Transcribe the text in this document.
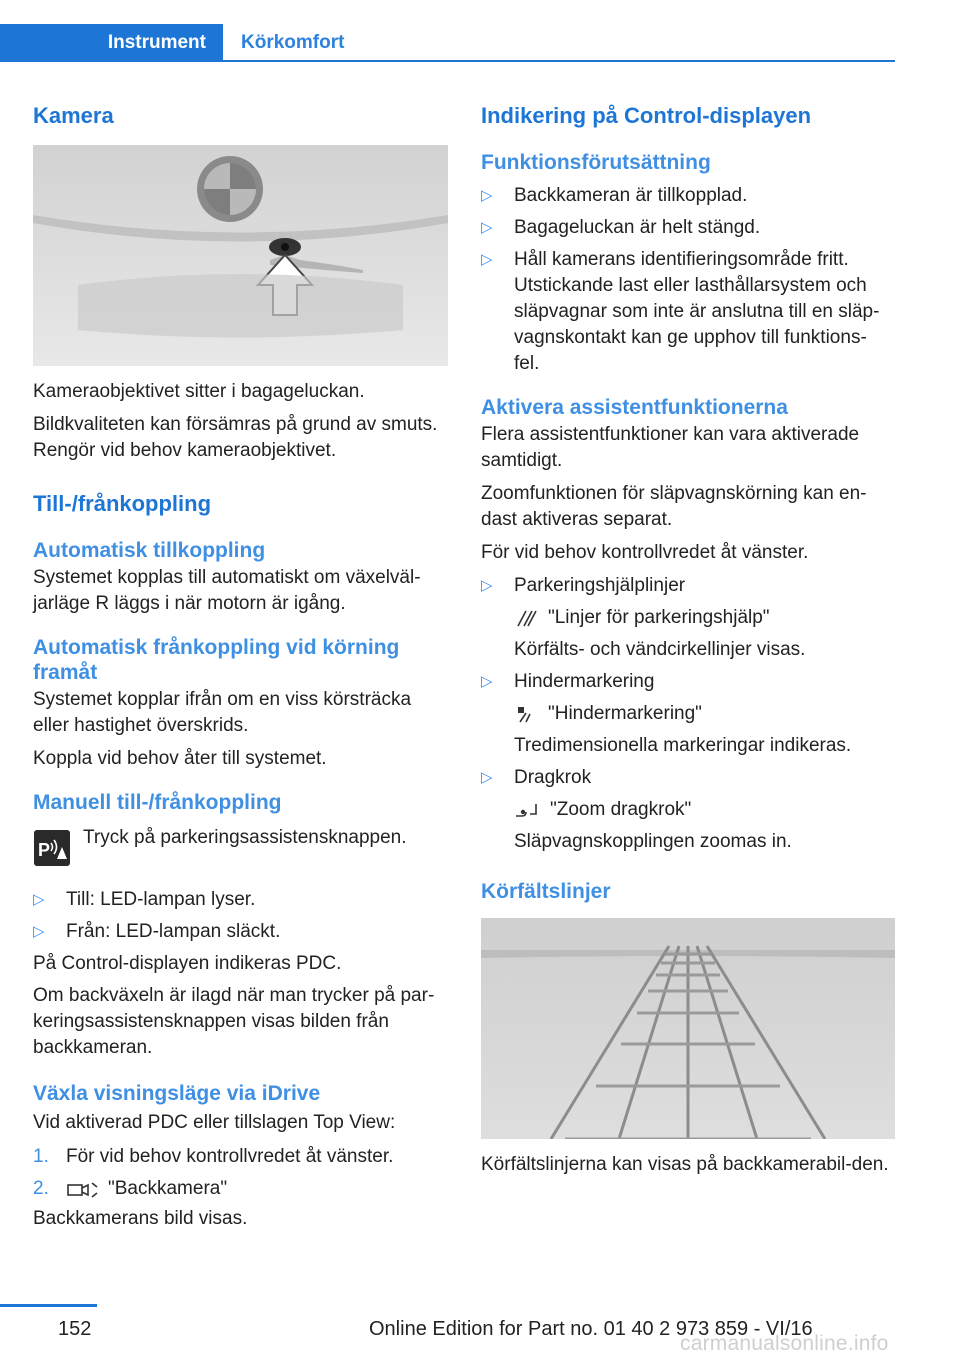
Instrument	Körkomfort
Kamera

Kameraobjektivet sitter i bagageluckan.

Bildkvaliteten kan försämras på grund av smuts. Rengör vid behov kameraobjektivet.

Till-/frånkoppling
Automatisk tillkoppling

Systemet kopplas till automatiskt om växelväl-jarläge R läggs i när motorn är igång.

Automatisk frånkoppling vid körning framåt

Systemet kopplar ifrån om en viss körsträcka eller hastighet överskrids.

Koppla vid behov åter till systemet.

Manuell till-/frånkoppling
P

Tryck på parkeringsassistensknappen.

▷ Till: LED-lampan lyser.
▷ Från: LED-lampan släckt.

På Control-displayen indikeras PDC.

Om backväxeln är ilagd när man trycker på par-keringsassistensknappen visas bilden från backkameran.

Växla visningsläge via iDrive

Vid aktiverad PDC eller tillslagen Top View:

1. För vid behov kontrollvredet åt vänster.
2.	"Backkamera"

Backkamerans bild visas.

Indikering på Control-displayen
Funktionsförutsättning
▷ Backkameran är tillkopplad.
▷ Bagageluckan är helt stängd.
▷ Håll kamerans identifieringsområde fritt. Utstickande last eller lasthållarsystem och släpvagnar som inte är anslutna till en släp-vagnskontakt kan ge upphov till funktions-fel.
Aktivera assistentfunktionerna

Flera assistentfunktioner kan vara aktiverade samtidigt.

Zoomfunktionen för släpvagnskörning kan en-dast aktiveras separat.

För vid behov kontrollvredet åt vänster.

▷ Parkeringshjälplinjer
"Linjer för parkeringshjälp"
Körfälts- och vändcirkellinjer visas.
▷ Hindermarkering
"Hindermarkering"
Tredimensionella markeringar indikeras.
▷ Dragkrok
"Zoom dragkrok"
Släpvagnskopplingen zoomas in.
Körfältslinjer

Körfältslinjerna kan visas på backkamerabil-den.

152	Online Edition for Part no. 01 40 2 973 859 - VI/16
carmanualsonline.info
